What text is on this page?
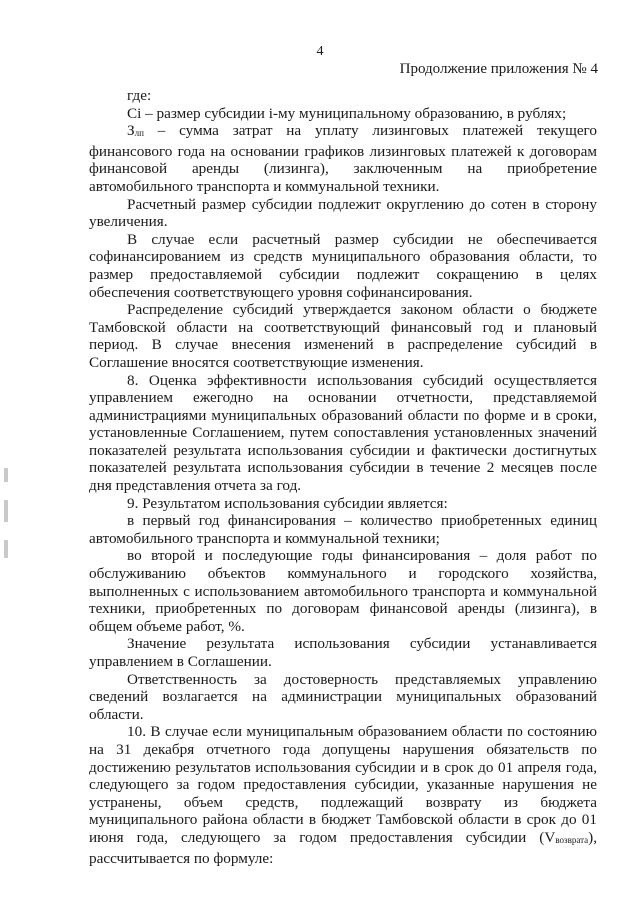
4
Продолжение приложения № 4

где:

Ci – размер субсидии i-му муниципальному образованию, в рублях;

Злп – сумма затрат на уплату лизинговых платежей текущего финансового года на основании графиков лизинговых платежей к договорам финансовой аренды (лизинга), заключенным на приобретение автомобильного транспорта и коммунальной техники.

Расчетный размер субсидии подлежит округлению до сотен в сторону увеличения.

В случае если расчетный размер субсидии не обеспечивается софинансированием из средств муниципального образования области, то размер предоставляемой субсидии подлежит сокращению в целях обеспечения соответствующего уровня софинансирования.

Распределение субсидий утверждается законом области о бюджете Тамбовской области на соответствующий финансовый год и плановый период. В случае внесения изменений в распределение субсидий в Соглашение вносятся соответствующие изменения.

8. Оценка эффективности использования субсидий осуществляется управлением ежегодно на основании отчетности, представляемой администрациями муниципальных образований области по форме и в сроки, установленные Соглашением, путем сопоставления установленных значений показателей результата использования субсидии и фактически достигнутых показателей результата использования субсидии в течение 2 месяцев после дня представления отчета за год.

9. Результатом использования субсидии является:

в первый год финансирования – количество приобретенных единиц автомобильного транспорта и коммунальной техники;

во второй и последующие годы финансирования – доля работ по обслуживанию объектов коммунального и городского хозяйства, выполненных с использованием автомобильного транспорта и коммунальной техники, приобретенных по договорам финансовой аренды (лизинга), в общем объеме работ, %.

Значение результата использования субсидии устанавливается управлением в Соглашении.

Ответственность за достоверность представляемых управлению сведений возлагается на администрации муниципальных образований области.

10. В случае если муниципальным образованием области по состоянию на 31 декабря отчетного года допущены нарушения обязательств по достижению результатов использования субсидии и в срок до 01 апреля года, следующего за годом предоставления субсидии, указанные нарушения не устранены, объем средств, подлежащий возврату из бюджета муниципального района области в бюджет Тамбовской области в срок до 01 июня года, следующего за годом предоставления субсидии (Vвозврата), рассчитывается по формуле:
